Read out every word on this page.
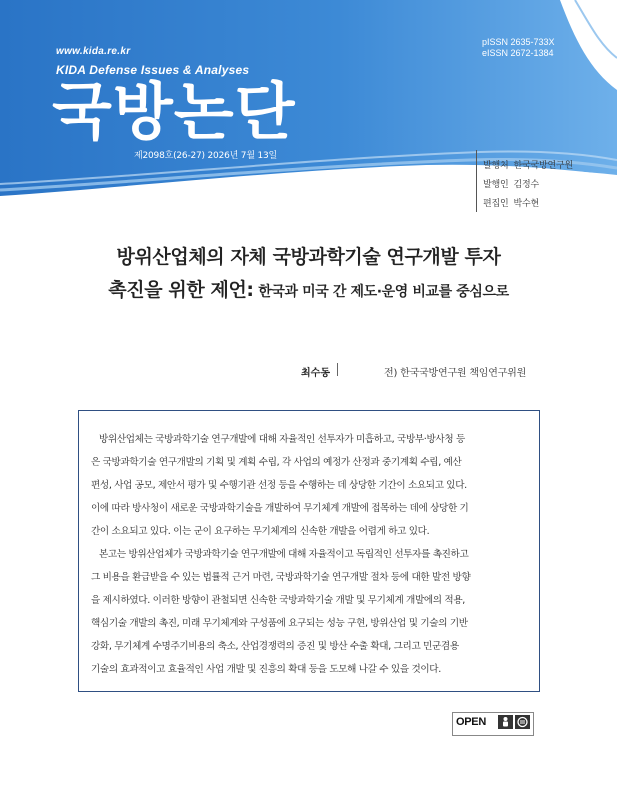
www.kida.re.kr
KIDA Defense Issues & Analyses
국방논단
pISSN 2635-733X
eISSN 2672-1384
제2098호(26-27) 2026년 7월 13일
발행처 한국국방연구원
발행인 김정수
편집인 박수현
방위산업체의 자체 국방과학기술 연구개발 투자
촉진을 위한 제언: 한국과 미국 간 제도·운영 비교를 중심으로
최수동	전) 한국국방연구원 책임연구위원
방위산업체는 국방과학기술 연구개발에 대해 자율적인 선투자가 미흡하고, 국방부·방사청 등
은 국방과학기술 연구개발의 기획 및 계획 수립, 각 사업의 예정가 산정과 중기계획 수립, 예산
편성, 사업 공모, 제안서 평가 및 수행기관 선정 등을 수행하는 데 상당한 기간이 소요되고 있다.
이에 따라 방사청이 새로운 국방과학기술을 개발하여 무기체계 개발에 접목하는 데에 상당한 기
간이 소요되고 있다. 이는 군이 요구하는 무기체계의 신속한 개발을 어렵게 하고 있다.
본고는 방위산업체가 국방과학기술 연구개발에 대해 자율적이고 독립적인 선투자를 촉진하고
그 비용을 환급받을 수 있는 법률적 근거 마련, 국방과학기술 연구개발 절차 등에 대한 발전 방향
을 제시하였다. 이러한 방향이 관철되면 신속한 국방과학기술 개발 및 무기체계 개발에의 적용,
핵심기술 개발의 촉진, 미래 무기체계와 구성품에 요구되는 성능 구현, 방위산업 및 기술의 기반
강화, 무기체계 수명주기비용의 축소, 산업경쟁력의 증진 및 방산 수출 확대, 그리고 민군겸용
기술의 효과적이고 효율적인 사업 개발 및 진흥의 확대 등을 도모해 나갈 수 있을 것이다.
OPEN
